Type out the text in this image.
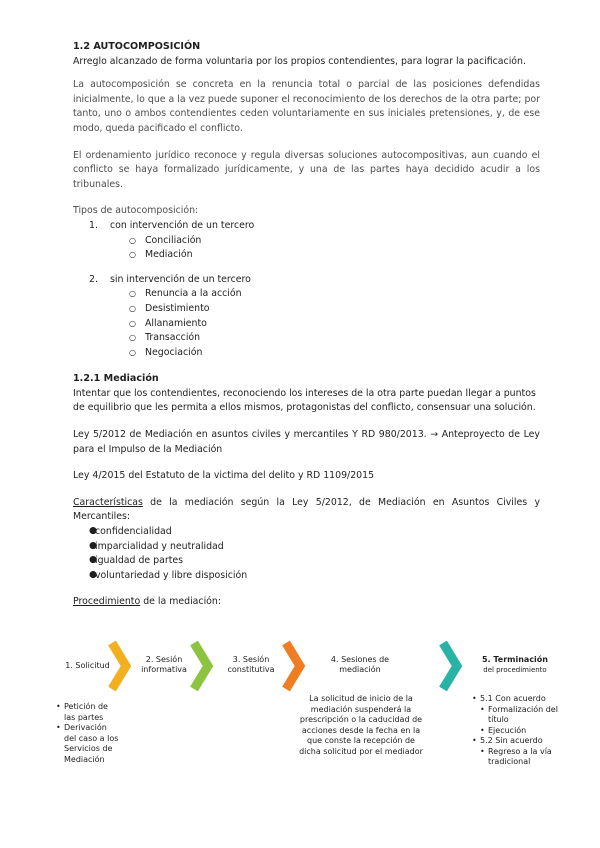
1.2 AUTOCOMPOSICIÓN

Arreglo alcanzado de forma voluntaria por los propios contendientes, para lograr la pacificación.

La autocomposición se concreta en la renuncia total o parcial de las posiciones defendidas inicialmente, lo que a la vez puede suponer el reconocimiento de los derechos de la otra parte; por tanto, uno o ambos contendientes ceden voluntariamente en sus iniciales pretensiones, y, de ese modo, queda pacificado el conflicto.

El ordenamiento jurídico reconoce y regula diversas soluciones autocompositivas, aun cuando el conflicto se haya formalizado jurídicamente, y una de las partes haya decidido acudir a los tribunales.

Tipos de autocomposición:

1. con intervención de un tercero
○ Conciliación
○ Mediación
2. sin intervención de un tercero
○ Renuncia a la acción
○ Desistimiento
○ Allanamiento
○ Transacción
○ Negociación

1.2.1 Mediación

Intentar que los contendientes, reconociendo los intereses de la otra parte puedan llegar a puntos de equilibrio que les permita a ellos mismos, protagonistas del conflicto, consensuar una solución.

Ley 5/2012 de Mediación en asuntos civiles y mercantiles Y RD 980/2013. → Anteproyecto de Ley para el Impulso de la Mediación

Ley 4/2015 del Estatuto de la victima del delito y RD 1109/2015

Características de la mediación según la Ley 5/2012, de Mediación en Asuntos Civiles y Mercantiles:

●
confidencialidad
●
imparcialidad y neutralidad
●
igualdad de partes
●
voluntariedad y libre disposición

Procedimiento de la mediación:

1. Solicitud
2. Sesión
informativa
3. Sesión
constitutiva
4. Sesiones de
mediación
5. Terminación
del procedimiento
• Petición de las partes
• Derivación del caso a los Servicios de Mediación
La solicitud de inicio de la mediación suspenderá la prescripción o la caducidad de acciones desde la fecha en la que conste la recepción de dicha solicitud por el mediador
• 5.1 Con acuerdo
• Formalización del título
• Ejecución
• 5.2 Sin acuerdo
• Regreso a la vía tradicional
